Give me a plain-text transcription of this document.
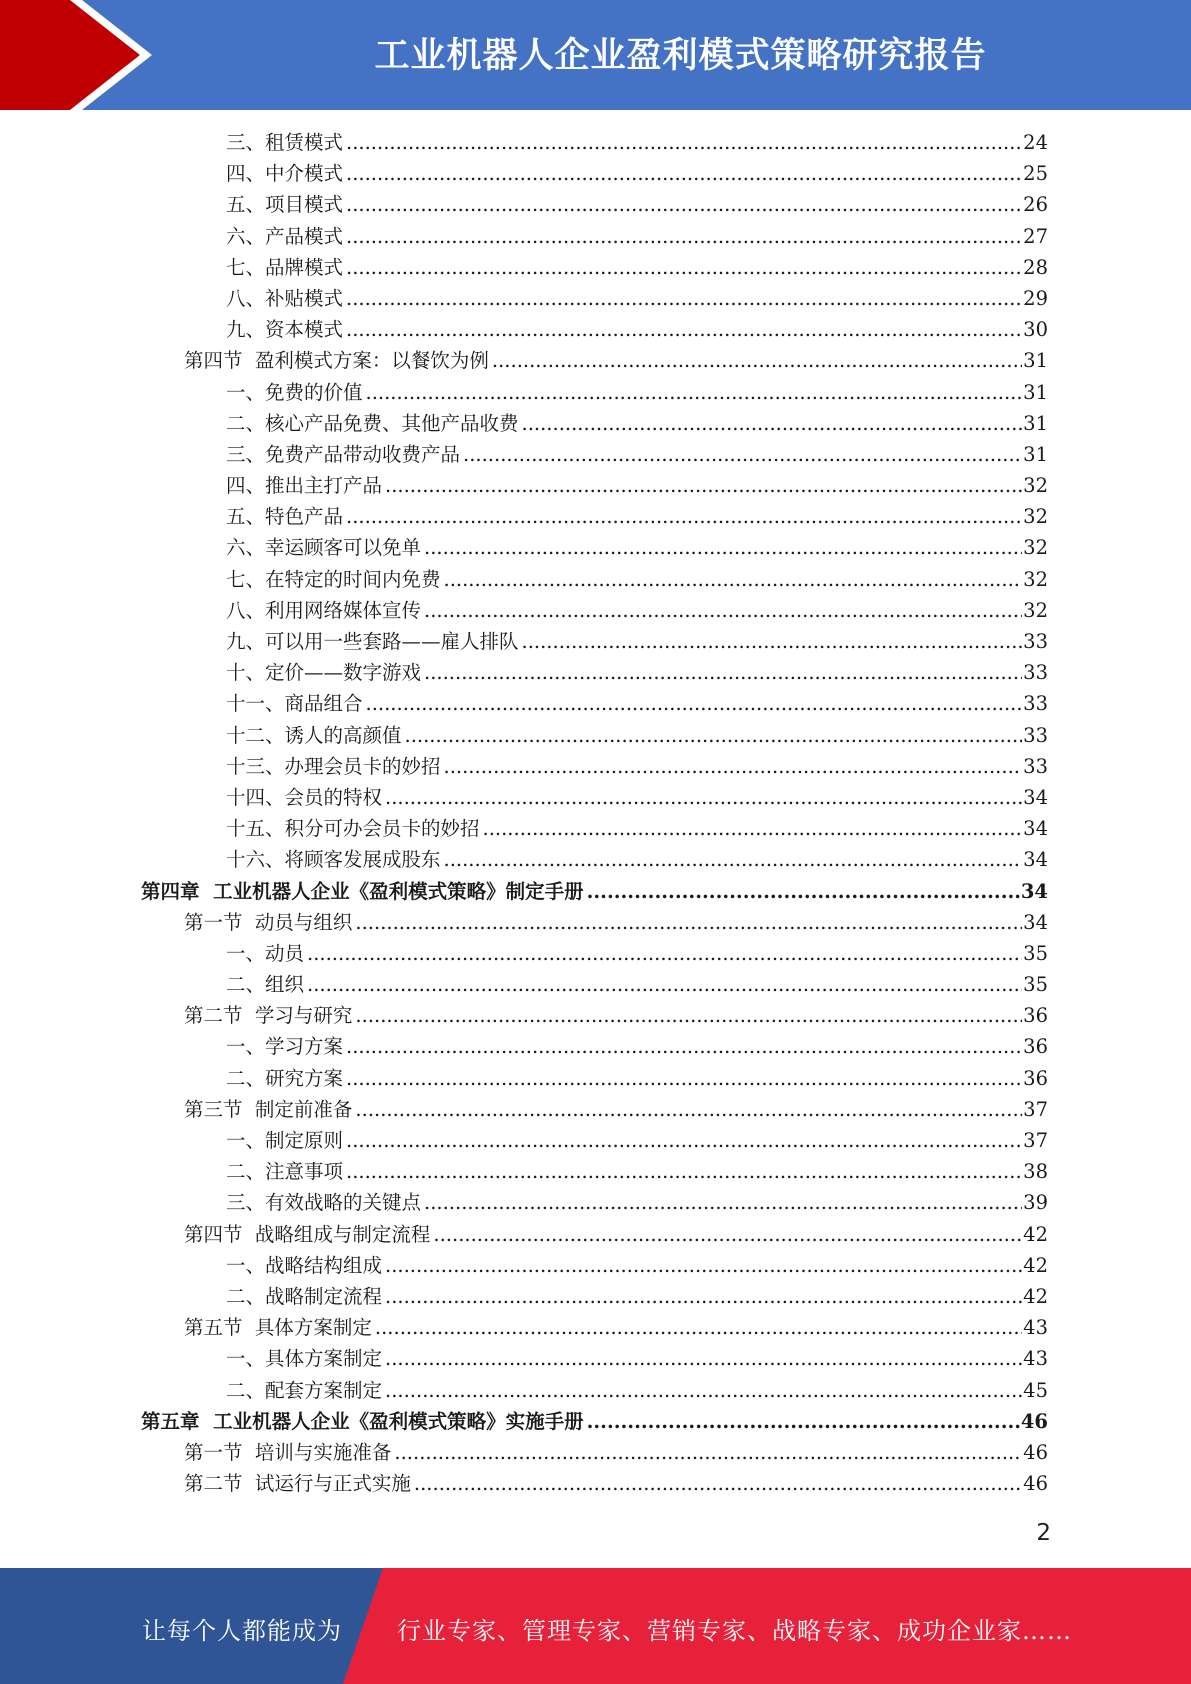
工业机器人企业盈利模式策略研究报告
三、租赁模式 .....	24
四、中介模式 .....	25
五、项目模式 .....	26
六、产品模式 .....	27
七、品牌模式 .....	28
八、补贴模式 .....	29
九、资本模式 .....	30
第四节  盈利模式方案：以餐饮为例 .....	31
一、免费的价值 .....	31
二、核心产品免费、其他产品收费 .....	31
三、免费产品带动收费产品 .....	31
四、推出主打产品 .....	32
五、特色产品 .....	32
六、幸运顾客可以免单 .....	32
七、在特定的时间内免费 .....	32
八、利用网络媒体宣传 .....	32
九、可以用一些套路——雇人排队 .....	33
十、定价——数字游戏 .....	33
十一、商品组合 .....	33
十二、诱人的高颜值 .....	33
十三、办理会员卡的妙招 .....	33
十四、会员的特权 .....	34
十五、积分可办会员卡的妙招 .....	34
十六、将顾客发展成股东 .....	34
第四章  工业机器人企业《盈利模式策略》制定手册 .....	34
第一节  动员与组织 .....	34
一、动员 .....	35
二、组织 .....	35
第二节  学习与研究 .....	36
一、学习方案 .....	36
二、研究方案 .....	36
第三节  制定前准备 .....	37
一、制定原则 .....	37
二、注意事项 .....	38
三、有效战略的关键点 .....	39
第四节  战略组成与制定流程 .....	42
一、战略结构组成 .....	42
二、战略制定流程 .....	42
第五节  具体方案制定 .....	43
一、具体方案制定 .....	43
二、配套方案制定 .....	45
第五章  工业机器人企业《盈利模式策略》实施手册 .....	46
第一节  培训与实施准备 .....	46
第二节  试运行与正式实施 .....	46
2
让每个人都能成为 行业专家、管理专家、营销专家、战略专家、成功企业家……
